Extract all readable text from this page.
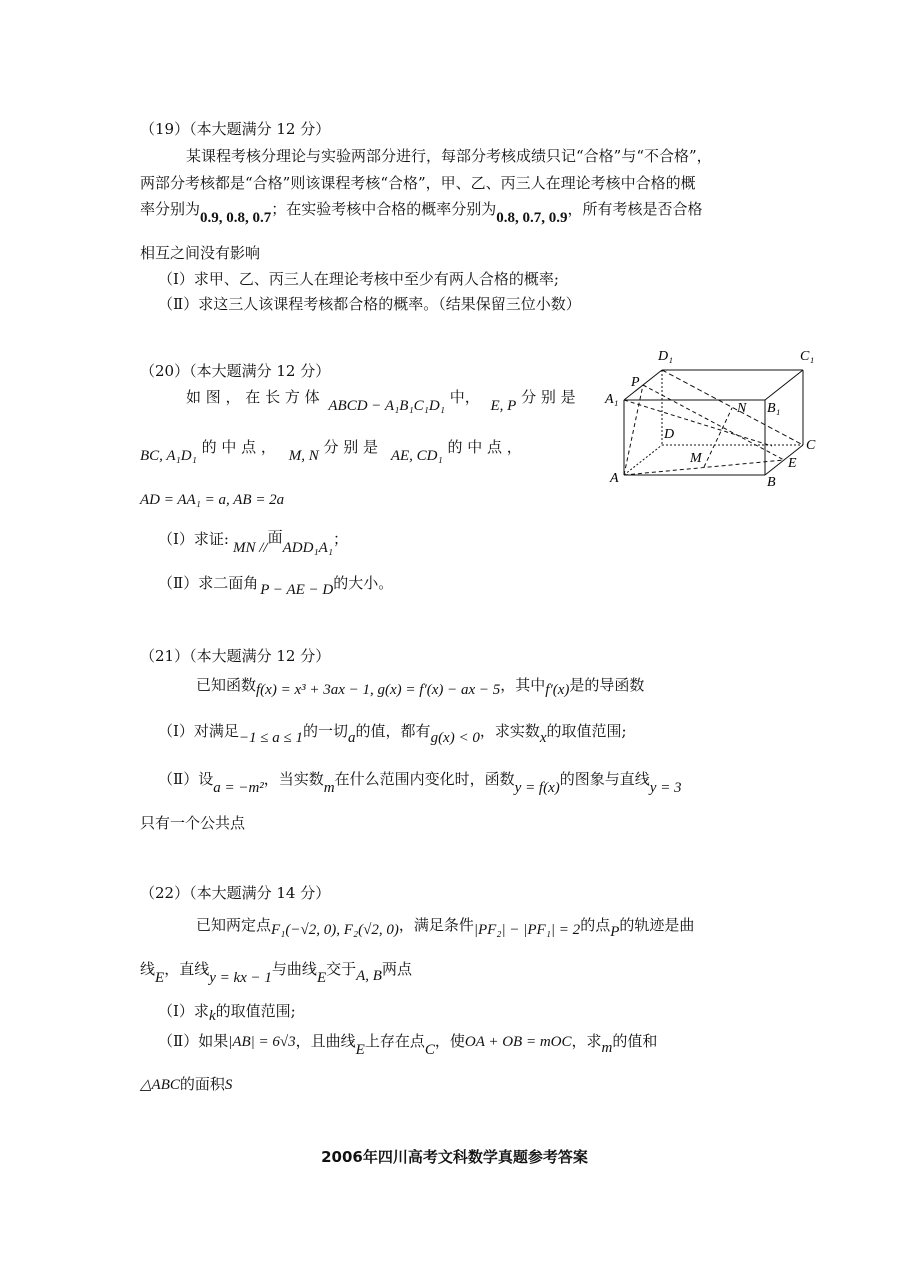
（19）（本大题满分 12 分）
某课程考核分理论与实验两部分进行，每部分考核成绩只记“合格”与“不合格”，
两部分考核都是“合格”则该课程考核“合格”，甲、乙、丙三人在理论考核中合格的概
率分别为0.9, 0.8, 0.7；在实验考核中合格的概率分别为0.8, 0.7, 0.9，所有考核是否合格
相互之间没有影响
（Ⅰ）求甲、乙、丙三人在理论考核中至少有两人合格的概率;
（Ⅱ）求这三人该课程考核都合格的概率。（结果保留三位小数）
（20）（本大题满分 12 分）
如 图 ， 在 长 方 体 ABCD − A₁B₁C₁D₁ 中， E, P 分 别 是
BC, A₁D₁ 的 中 点 ， M, N 分 别 是 AE, CD₁ 的 中 点 ，
AD = AA₁ = a, AB = 2a
（Ⅰ）求证: MN //面ADD₁A₁；
（Ⅱ）求二面角 P − AE − D的大小。
D₁	C₁
A₁
B₁
P
N
D
C
M	E
A	B
（21）（本大题满分 12 分）
已知函数f(x) = x³ + 3ax − 1, g(x) = f′(x) − ax − 5，其中f′(x)是的导函数
（Ⅰ）对满足−1 ≤ a ≤ 1的一切a的值，都有g(x) < 0，求实数x的取值范围;
（Ⅱ）设a = −m²，当实数m在什么范围内变化时，函数y = f(x)的图象与直线y = 3
只有一个公共点
（22）（本大题满分 14 分）
已知两定点F₁(−√2, 0), F₂(√2, 0)，满足条件|PF₂| − |PF₁| = 2的点P的轨迹是曲
线E，直线y = kx − 1与曲线E交于A, B两点
（Ⅰ）求k的取值范围;
（Ⅱ）如果|AB| = 6√3，且曲线E上存在点C，使OA + OB = mOC，求m的值和
△ABC的面积S
2006年四川高考文科数学真题参考答案
